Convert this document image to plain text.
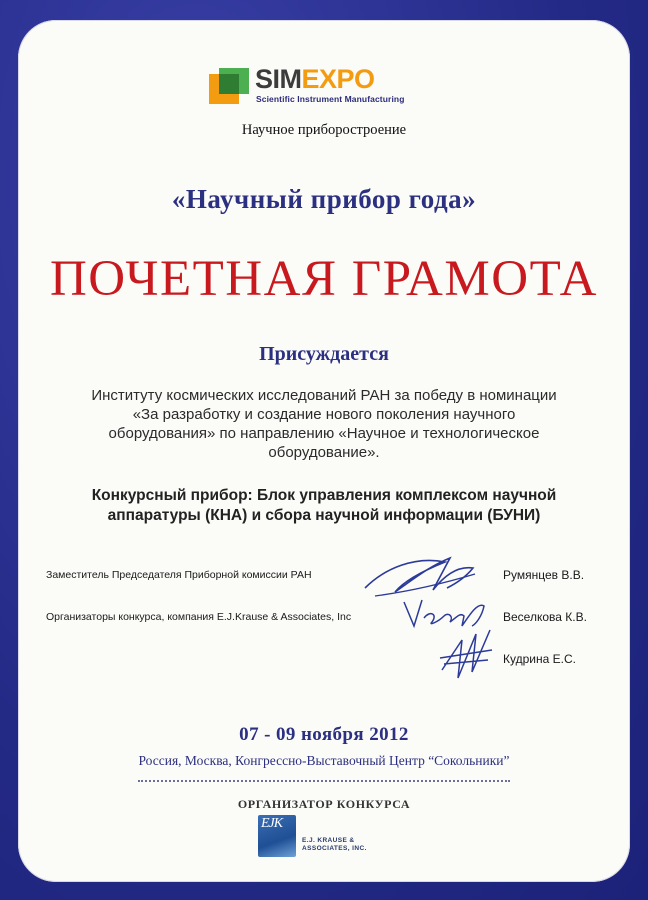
SIMEXPO
Scientific Instrument Manufacturing
Научное приборостроение
«Научный прибор года»
ПОЧЕТНАЯ ГРАМОТА
Присуждается
Институту космических исследований РАН за победу в номинации
«За разработку и создание нового поколения научного
оборудования» по направлению «Научное и технологическое
оборудование».
Конкурсный прибор: Блок управления комплексом научной
аппаратуры (КНА) и сбора научной информации (БУНИ)
Заместитель Председателя Приборной комиссии РАН
Организаторы конкурса, компания E.J.Krause & Associates, Inc
Румянцев В.В.
Веселкова К.В.
Кудрина Е.С.
07 - 09 ноября 2012
Россия, Москва, Конгрессно-Выставочный Центр “Сокольники”
ОРГАНИЗАТОР КОНКУРСА
EJK
E.J. KRAUSE &
ASSOCIATES, INC.
